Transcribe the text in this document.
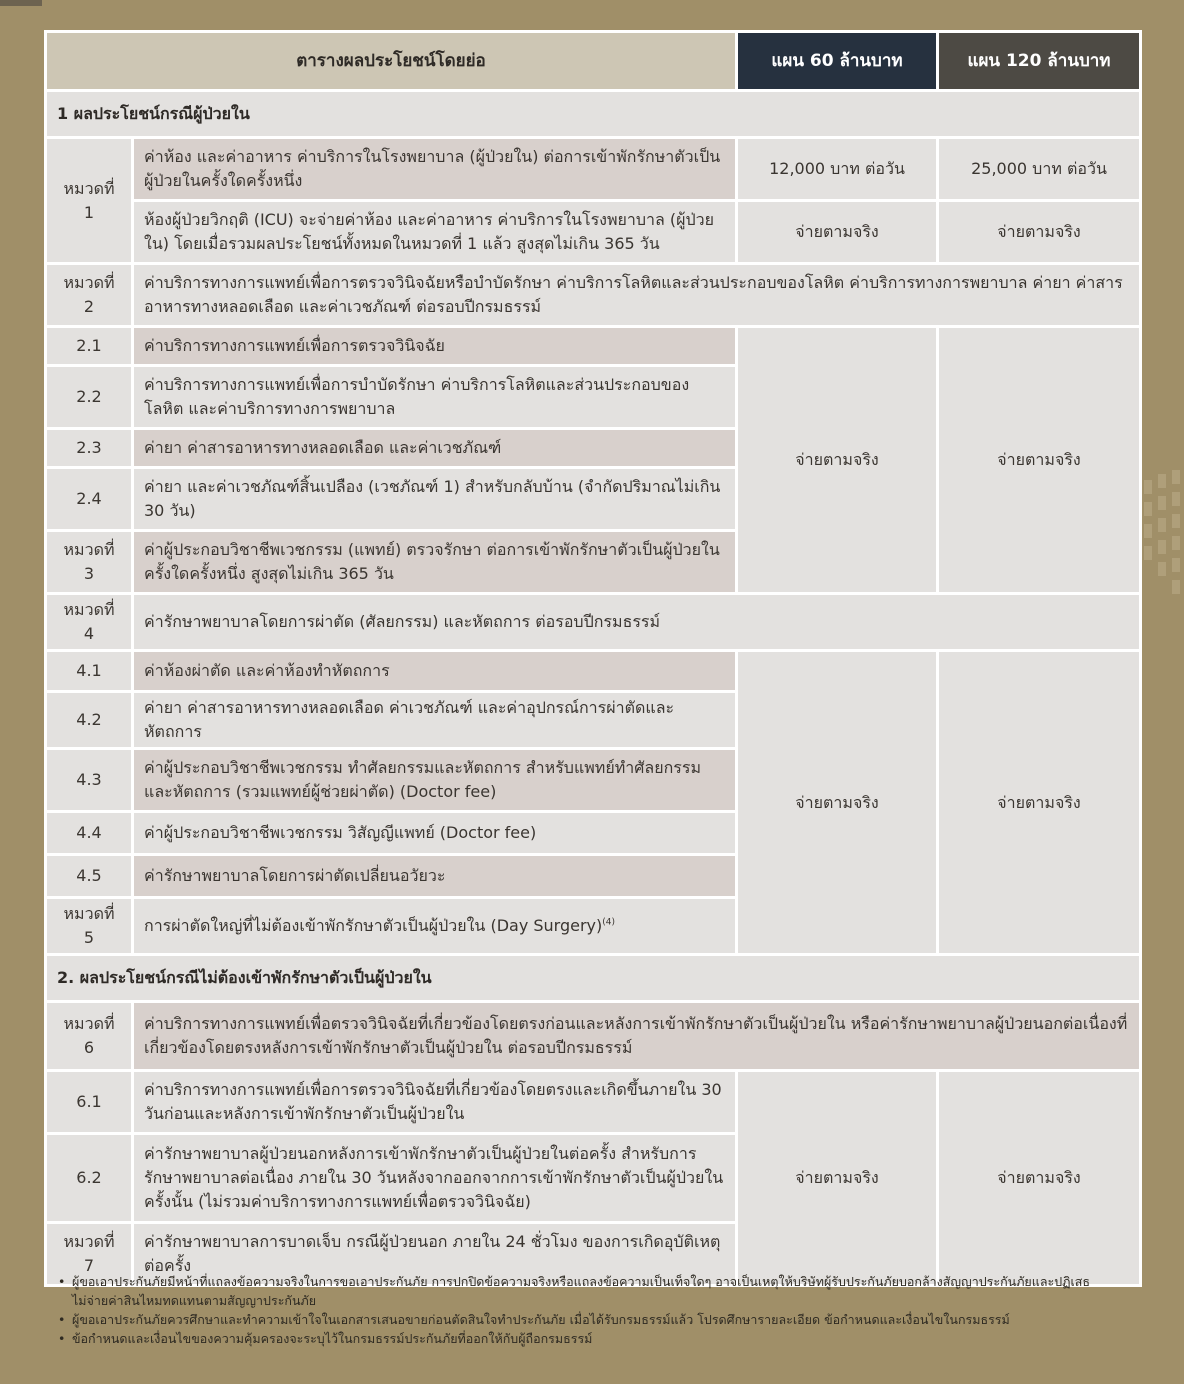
ตารางผลประโยชน์โดยย่อ		แผน 60 ล้านบาท	แผน 120 ล้านบาท
1 ผลประโยชน์กรณีผู้ป่วยใน			
หมวดที่ 1	ค่าห้อง และค่าอาหาร ค่าบริการในโรงพยาบาล (ผู้ป่วยใน) ต่อการเข้าพักรักษาตัวเป็นผู้ป่วยในครั้งใดครั้งหนึ่ง	12,000 บาท ต่อวัน	25,000 บาท ต่อวัน
	ห้องผู้ป่วยวิกฤติ (ICU) จะจ่ายค่าห้อง และค่าอาหาร ค่าบริการในโรงพยาบาล (ผู้ป่วยใน) โดยเมื่อรวมผลประโยชน์ทั้งหมดในหมวดที่ 1 แล้ว สูงสุดไม่เกิน 365 วัน	จ่ายตามจริง	จ่ายตามจริง
หมวดที่ 2	ค่าบริการทางการแพทย์เพื่อการตรวจวินิจฉัยหรือบำบัดรักษา ค่าบริการโลหิตและส่วนประกอบของโลหิต ค่าบริการทางการพยาบาล ค่ายา ค่าสารอาหารทางหลอดเลือด และค่าเวชภัณฑ์ ต่อรอบปีกรมธรรม์		
2.1	ค่าบริการทางการแพทย์เพื่อการตรวจวินิจฉัย	จ่ายตามจริง	จ่ายตามจริง
2.2	ค่าบริการทางการแพทย์เพื่อการบำบัดรักษา ค่าบริการโลหิตและส่วนประกอบของโลหิต และค่าบริการทางการพยาบาล		
2.3	ค่ายา ค่าสารอาหารทางหลอดเลือด และค่าเวชภัณฑ์		
2.4	ค่ายา และค่าเวชภัณฑ์สิ้นเปลือง (เวชภัณฑ์ 1) สำหรับกลับบ้าน (จำกัดปริมาณไม่เกิน 30 วัน)		
หมวดที่ 3	ค่าผู้ประกอบวิชาชีพเวชกรรม (แพทย์) ตรวจรักษา ต่อการเข้าพักรักษาตัวเป็นผู้ป่วยในครั้งใดครั้งหนึ่ง สูงสุดไม่เกิน 365 วัน		
หมวดที่ 4	ค่ารักษาพยาบาลโดยการผ่าตัด (ศัลยกรรม) และหัตถการ ต่อรอบปีกรมธรรม์		
4.1	ค่าห้องผ่าตัด และค่าห้องทำหัตถการ	จ่ายตามจริง	จ่ายตามจริง
4.2	ค่ายา ค่าสารอาหารทางหลอดเลือด ค่าเวชภัณฑ์ และค่าอุปกรณ์การผ่าตัดและหัตถการ		
4.3	ค่าผู้ประกอบวิชาชีพเวชกรรม ทำศัลยกรรมและหัตถการ สำหรับแพทย์ทำศัลยกรรมและหัตถการ (รวมแพทย์ผู้ช่วยผ่าตัด) (Doctor fee)		
4.4	ค่าผู้ประกอบวิชาชีพเวชกรรม วิสัญญีแพทย์ (Doctor fee)		
4.5	ค่ารักษาพยาบาลโดยการผ่าตัดเปลี่ยนอวัยวะ		
หมวดที่ 5	การผ่าตัดใหญ่ที่ไม่ต้องเข้าพักรักษาตัวเป็นผู้ป่วยใน (Day Surgery)$^{(4)}$
2. ผลประโยชน์กรณีไม่ต้องเข้าพักรักษาตัวเป็นผู้ป่วยใน			
หมวดที่ 6	ค่าบริการทางการแพทย์เพื่อตรวจวินิจฉัยที่เกี่ยวข้องโดยตรงก่อนและหลังการเข้าพักรักษาตัวเป็นผู้ป่วยใน หรือค่ารักษาพยาบาลผู้ป่วยนอกต่อเนื่องที่เกี่ยวข้องโดยตรงหลังการเข้าพักรักษาตัวเป็นผู้ป่วยใน ต่อรอบปีกรมธรรม์		
6.1	ค่าบริการทางการแพทย์เพื่อการตรวจวินิจฉัยที่เกี่ยวข้องโดยตรงและเกิดขึ้นภายใน 30 วันก่อนและหลังการเข้าพักรักษาตัวเป็นผู้ป่วยใน	จ่ายตามจริง	จ่ายตามจริง
6.2	ค่ารักษาพยาบาลผู้ป่วยนอกหลังการเข้าพักรักษาตัวเป็นผู้ป่วยในต่อครั้ง สำหรับการรักษาพยาบาลต่อเนื่อง ภายใน 30 วันหลังจากออกจากการเข้าพักรักษาตัวเป็นผู้ป่วยในครั้งนั้น (ไม่รวมค่าบริการทางการแพทย์เพื่อตรวจวินิจฉัย)		
หมวดที่ 7	ค่ารักษาพยาบาลการบาดเจ็บ กรณีผู้ป่วยนอก ภายใน 24 ชั่วโมง ของการเกิดอุบัติเหตุต่อครั้ง		
• ผู้ขอเอาประกันภัยมีหน้าที่แถลงข้อความจริงในการขอเอาประกันภัย การปกปิดข้อความจริงหรือแถลงข้อความเป็นเท็จใดๆ อาจเป็นเหตุให้บริษัทผู้รับประกันภัยบอกล้างสัญญาประกันภัยและปฏิเสธไม่จ่ายค่าสินไหมทดแทนตามสัญญาประกันภัย
• ผู้ขอเอาประกันภัยควรศึกษาและทำความเข้าใจในเอกสารเสนอขายก่อนตัดสินใจทำประกันภัย เมื่อได้รับกรมธรรม์แล้ว โปรดศึกษารายละเอียด ข้อกำหนดและเงื่อนไขในกรมธรรม์
• ข้อกำหนดและเงื่อนไขของความคุ้มครองจะระบุไว้ในกรมธรรม์ประกันภัยที่ออกให้กับผู้ถือกรมธรรม์
